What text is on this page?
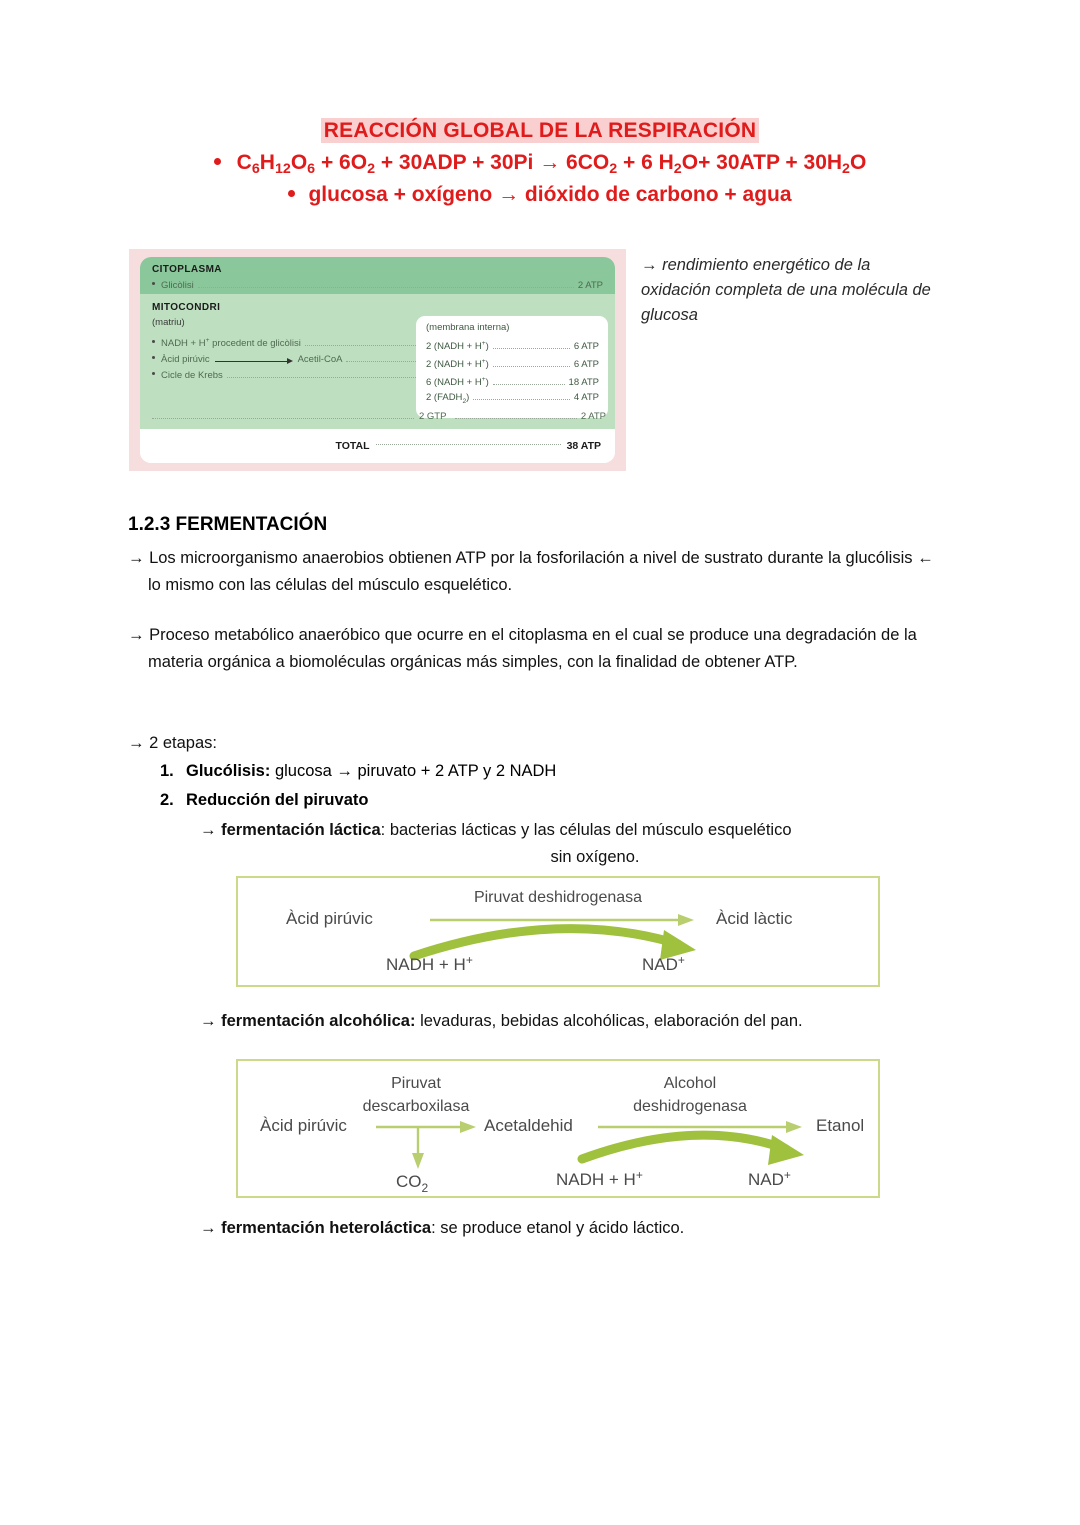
REACCIÓN GLOBAL DE LA RESPIRACIÓN
$C_6H_{12}O_6 + 6O_2 + 30ADP + 30Pi \to 6CO_2 + 6$ $H_2O+ 30ATP + 30H_2O$
glucosa + oxígeno → dióxido de carbono + agua
CITOPLASMA
Glicòlisi	2 ATP
MITOCONDRI
(matriu)
NADH + H+ procedent de glicòlisi
Àcid pirúvic	Acetil-CoA
Cicle de Krebs
(membrana interna)
2 (NADH + H+)	6 ATP
2 (NADH + H+)	6 ATP
6 (NADH + H+)	18 ATP
2 $(FADH_2)$	4 ATP
2 GTP	2 ATP
TOTAL	38 ATP
→ rendimiento energético de la oxidación completa de una molécula de glucosa
1.2.3 FERMENTACIÓN
→ Los microorganismo anaerobios obtienen ATP por la fosforilación a nivel de sustrato durante la glucólisis ← lo mismo con las células del músculo esquelético.
→ Proceso metabólico anaeróbico que ocurre en el citoplasma en el cual se produce una degradación de la materia orgánica a biomoléculas orgánicas más simples, con la finalidad de obtener ATP.
→ 2 etapas:
1. Glucólisis: glucosa → piruvato + 2 ATP y 2 NADH
2. Reducción del piruvato
→ fermentación láctica: bacterias lácticas y las células del músculo esquelético
sin oxígeno.
Àcid pirúvic
Piruvat deshidrogenasa
NADH + H+	NAD+
Àcid làctic
→ fermentación alcohólica: levaduras, bebidas alcohólicas, elaboración del pan.
Àcid pirúvic
Piruvat
descarboxilasa
$CO_2$
Acetaldehid
Alcohol
deshidrogenasa
NADH + H+	NAD+
Etanol
→ fermentación heteroláctica: se produce etanol y ácido láctico.
